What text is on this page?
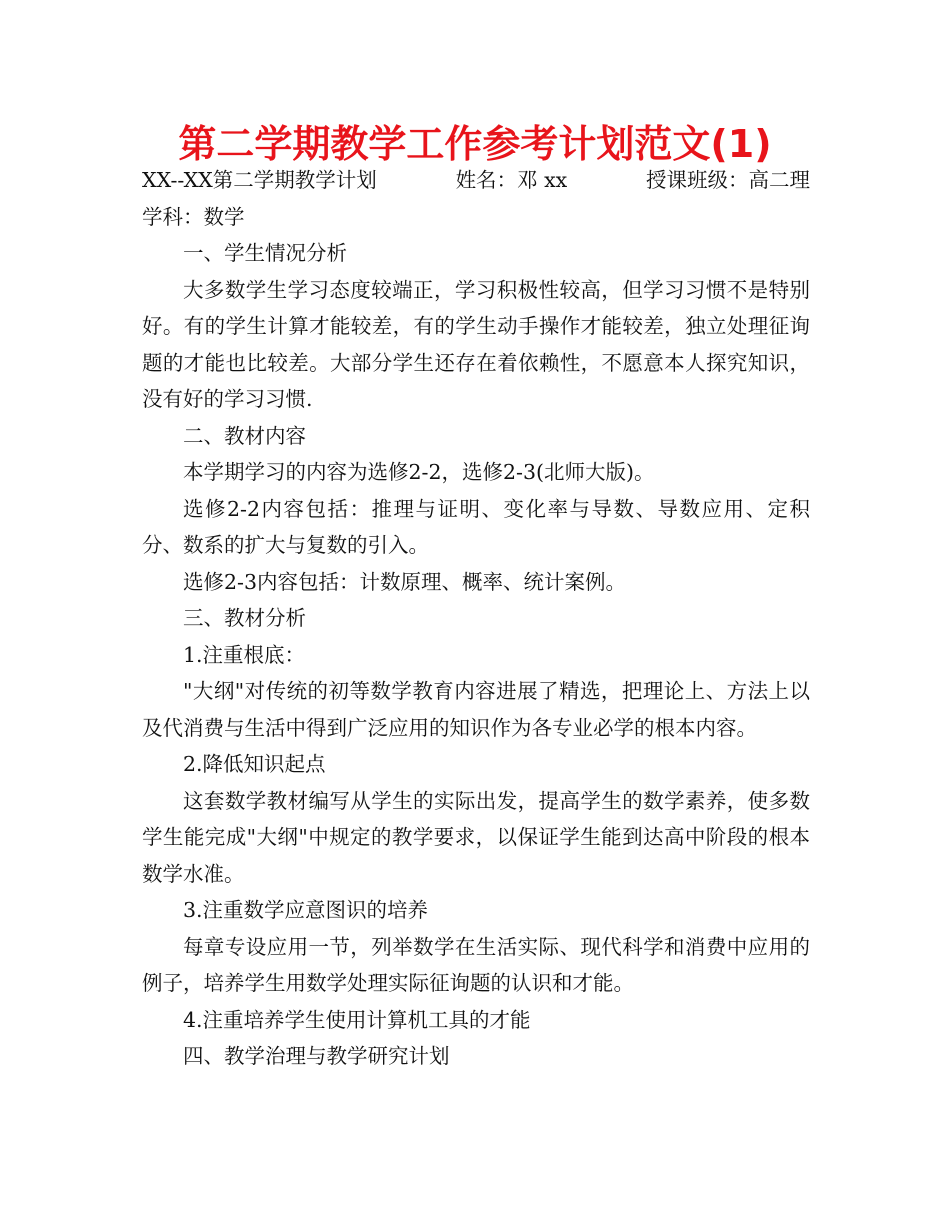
第二学期教学工作参考计划范文(1)
XX--XX第二学期教学计划	姓名：邓 xx	授课班级：高二理

学科：数学

一、学生情况分析

大多数学生学习态度较端正，学习积极性较高，但学习习惯不是特别好。有的学生计算才能较差，有的学生动手操作才能较差，独立处理征询题的才能也比较差。大部分学生还存在着依赖性，不愿意本人探究知识，没有好的学习习惯.

二、教材内容

本学期学习的内容为选修2-2，选修2-3(北师大版)。

选修2-2内容包括：推理与证明、变化率与导数、导数应用、定积分、数系的扩大与复数的引入。

选修2-3内容包括：计数原理、概率、统计案例。

三、教材分析

1.注重根底：

"大纲"对传统的初等数学教育内容进展了精选，把理论上、方法上以及代消费与生活中得到广泛应用的知识作为各专业必学的根本内容。

2.降低知识起点

这套数学教材编写从学生的实际出发，提高学生的数学素养，使多数学生能完成"大纲"中规定的教学要求，以保证学生能到达高中阶段的根本数学水准。

3.注重数学应意图识的培养

每章专设应用一节，列举数学在生活实际、现代科学和消费中应用的例子，培养学生用数学处理实际征询题的认识和才能。

4.注重培养学生使用计算机工具的才能

四、教学治理与教学研究计划
